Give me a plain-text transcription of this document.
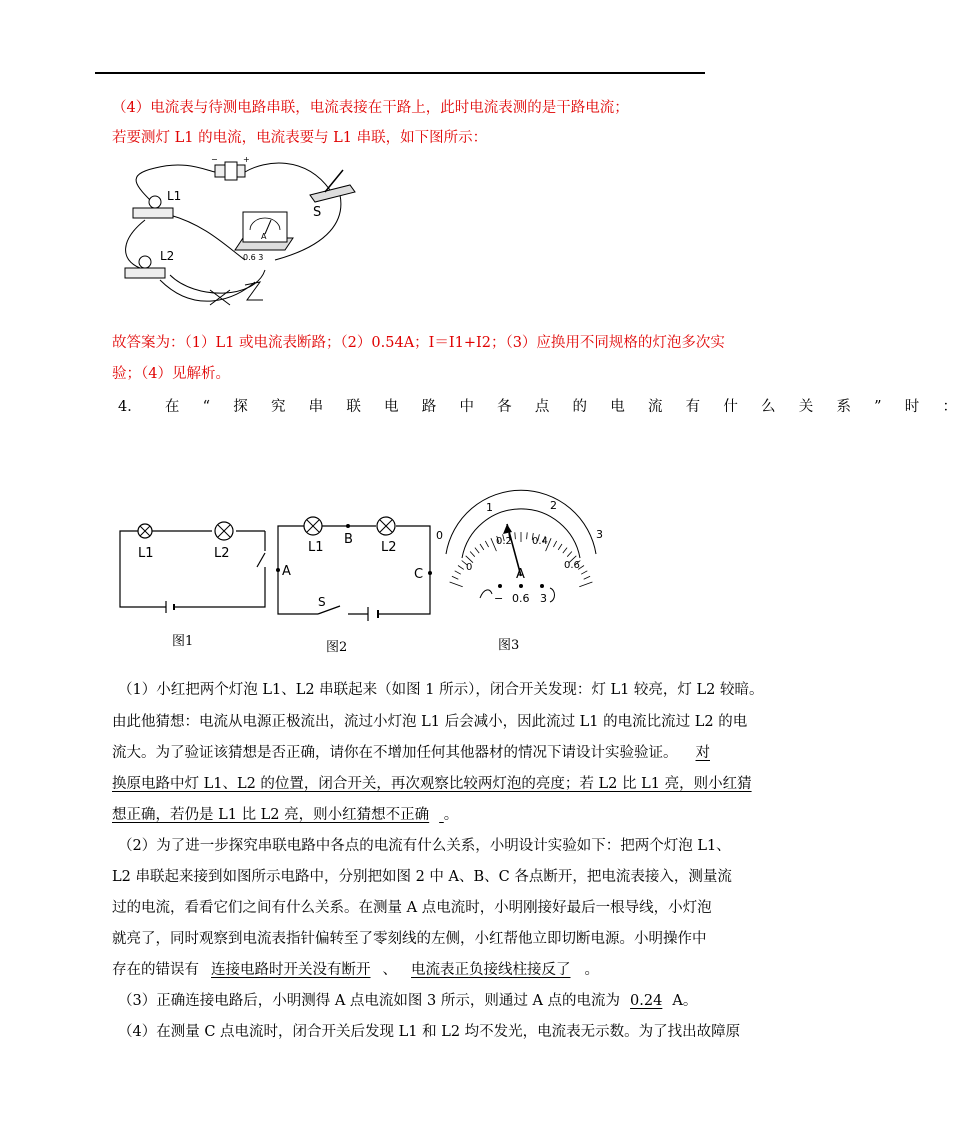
（4）电流表与待测电路串联，电流表接在干路上，此时电流表测的是干路电流；
若要测灯 L1 的电流，电流表要与 L1 串联，如下图所示：
−	+
S
L1
L2
A
0.6 3
故答案为：（1）L1 或电流表断路；（2）0.54A；I＝I1+I2；（3）应换用不同规格的灯泡多次实
验；（4）见解析。
4．在“探究串联电路中各点的电流有什么关系”时：
L1	L2
图1
L1	L2
B
A	C
S
图2
0
1	2
3
0
0.2 0.4
0.6
A
− 0.6 3
图3
（1）小红把两个灯泡 L1、L2 串联起来（如图 1 所示），闭合开关发现：灯 L1 较亮，灯 L2 较暗。
由此他猜想：电流从电源正极流出，流过小灯泡 L1 后会减小，因此流过 L1 的电流比流过 L2 的电
流大。为了验证该猜想是否正确，请你在不增加任何其他器材的情况下请设计实验验证。 对
换原电路中灯 L1、L2 的位置，闭合开关，再次观察比较两灯泡的亮度；若 L2 比 L1 亮，则小红猜
想正确，若仍是 L1 比 L2 亮，则小红猜想不正确 。
（2）为了进一步探究串联电路中各点的电流有什么关系，小明设计实验如下：把两个灯泡 L1、
L2 串联起来接到如图所示电路中，分别把如图 2 中 A、B、C 各点断开，把电流表接入，测量流
过的电流，看看它们之间有什么关系。在测量 A 点电流时，小明刚接好最后一根导线，小灯泡
就亮了，同时观察到电流表指针偏转至了零刻线的左侧，小红帮他立即切断电源。小明操作中
存在的错误有 连接电路时开关没有断开 、 电流表正负接线柱接反了 。
（3）正确连接电路后，小明测得 A 点电流如图 3 所示，则通过 A 点的电流为 0.24 A。
（4）在测量 C 点电流时，闭合开关后发现 L1 和 L2 均不发光，电流表无示数。为了找出故障原
